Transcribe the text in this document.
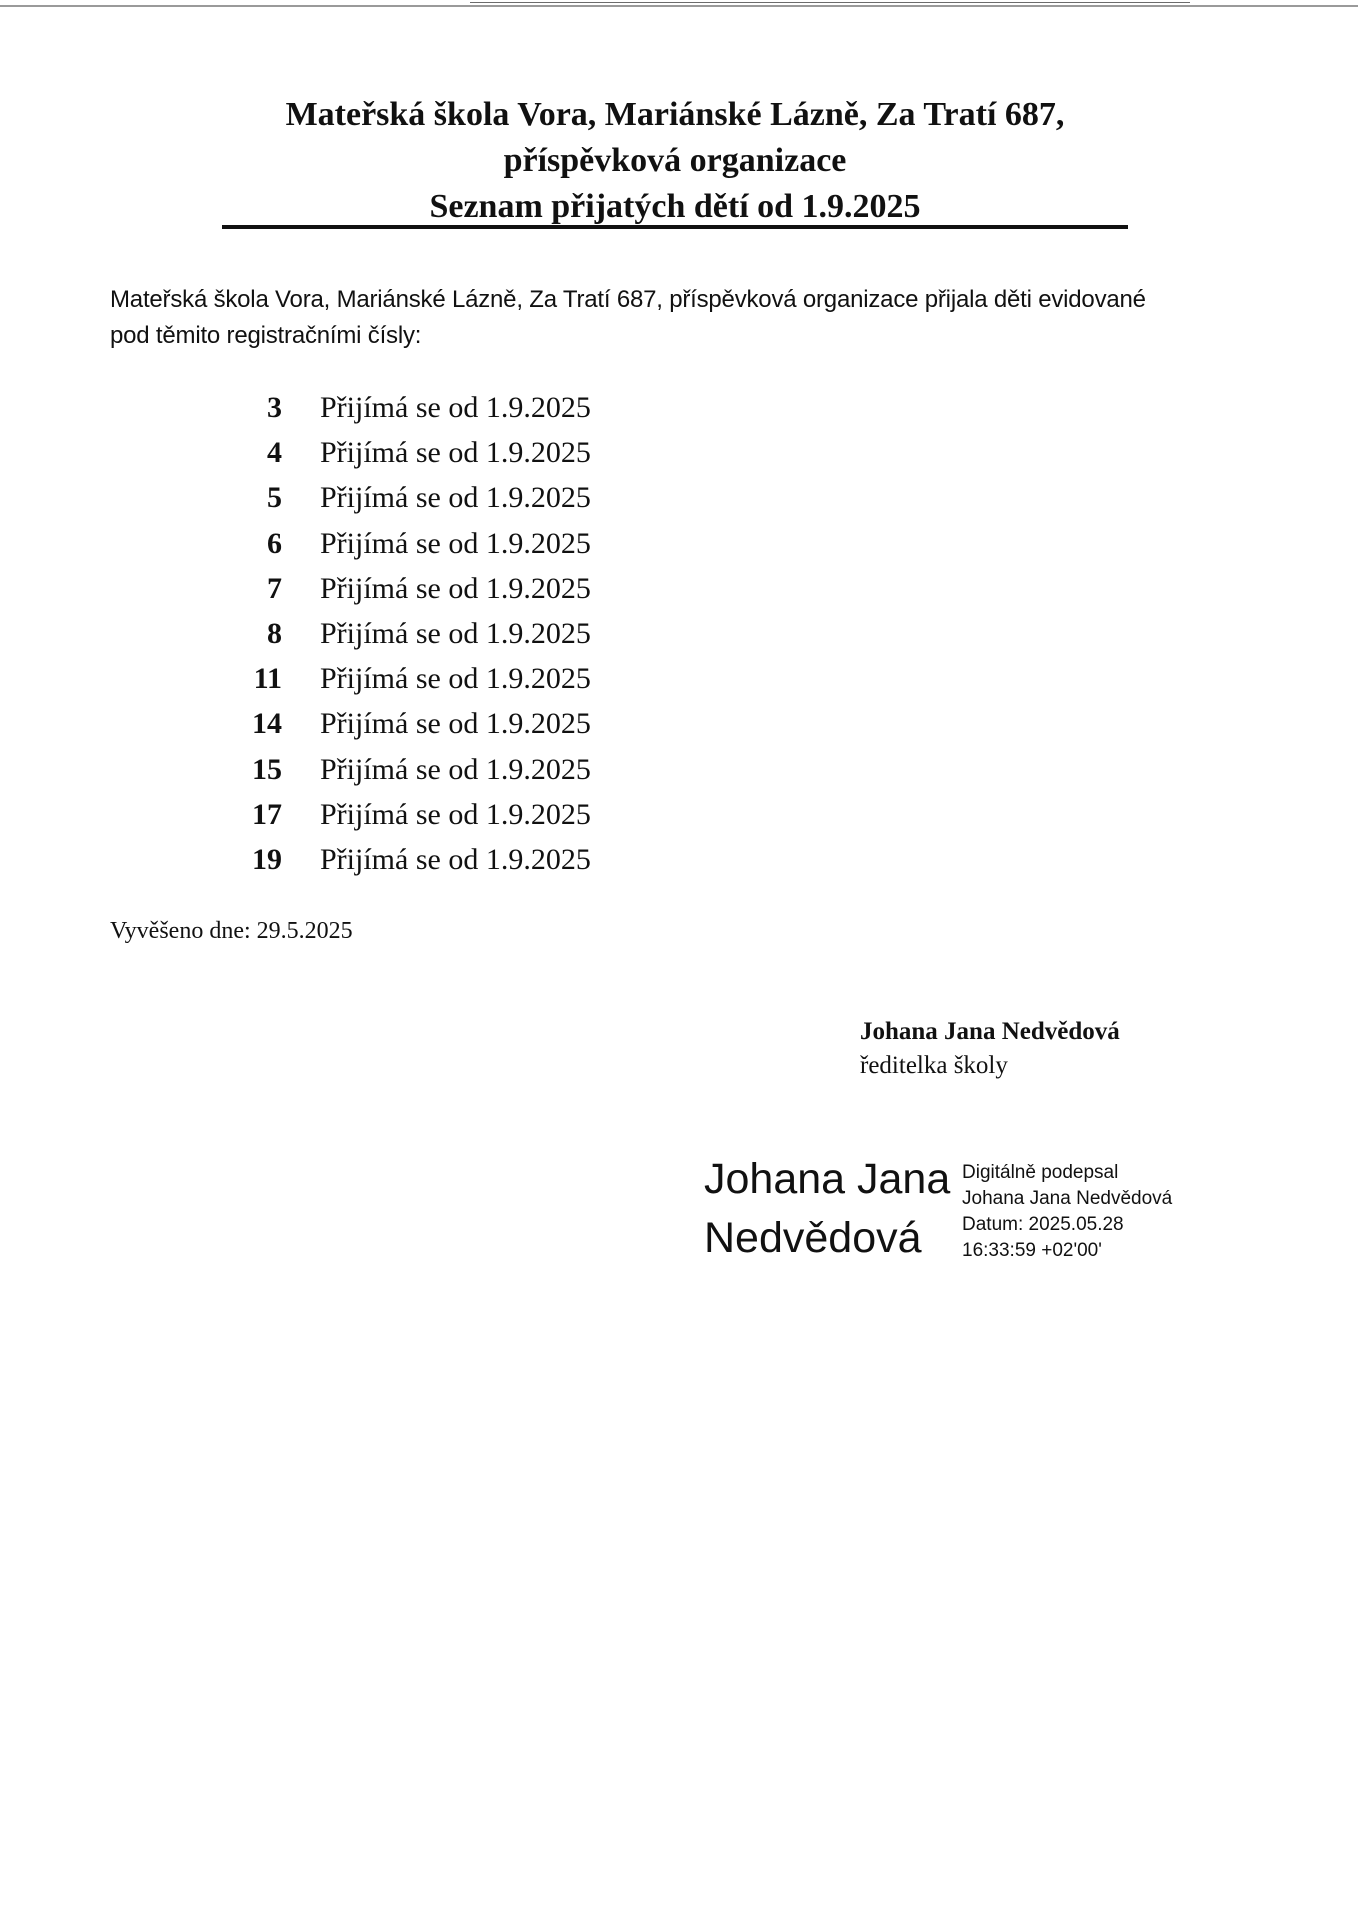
Mateřská škola Vora, Mariánské Lázně, Za Tratí 687,
příspěvková organizace
Seznam přijatých dětí od 1.9.2025
Mateřská škola Vora, Mariánské Lázně, Za Tratí 687, příspěvková organizace přijala děti evidované
pod těmito registračními čísly:
3 Přijímá se od 1.9.2025
4 Přijímá se od 1.9.2025
5 Přijímá se od 1.9.2025
6 Přijímá se od 1.9.2025
7 Přijímá se od 1.9.2025
8 Přijímá se od 1.9.2025
11 Přijímá se od 1.9.2025
14 Přijímá se od 1.9.2025
15 Přijímá se od 1.9.2025
17 Přijímá se od 1.9.2025
19 Přijímá se od 1.9.2025
Vyvěšeno dne: 29.5.2025
Johana Jana Nedvědová
ředitelka školy
Johana Jana
Nedvědová
Digitálně podepsal
Johana Jana Nedvědová
Datum: 2025.05.28
16:33:59 +02'00'
